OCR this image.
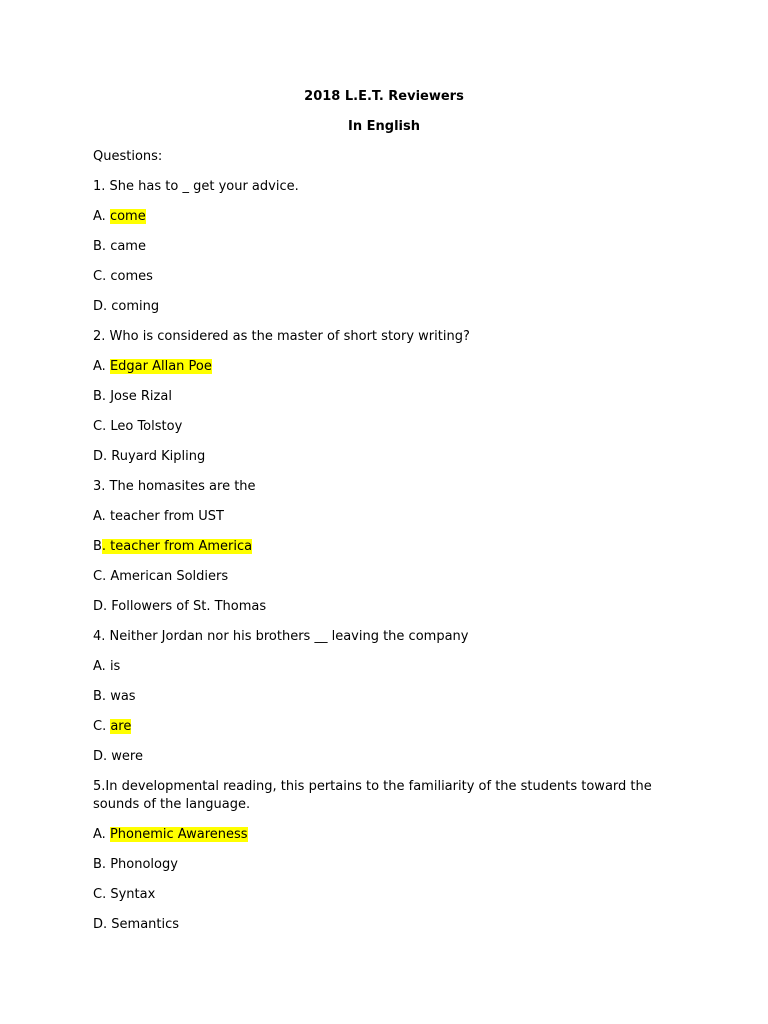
2018 L.E.T. Reviewers
In English
Questions:
1. She has to _ get your advice.
A. come
B. came
C. comes
D. coming
2. Who is considered as the master of short story writing?
A. Edgar Allan Poe
B. Jose Rizal
C. Leo Tolstoy
D. Ruyard Kipling
3. The homasites are the
A. teacher from UST
B. teacher from America
C. American Soldiers
D. Followers of St. Thomas
4. Neither Jordan nor his brothers __ leaving the company
A. is
B. was
C. are
D. were
5.In developmental reading, this pertains to the familiarity of the students toward the sounds of the language.
A. Phonemic Awareness
B. Phonology
C. Syntax
D. Semantics
